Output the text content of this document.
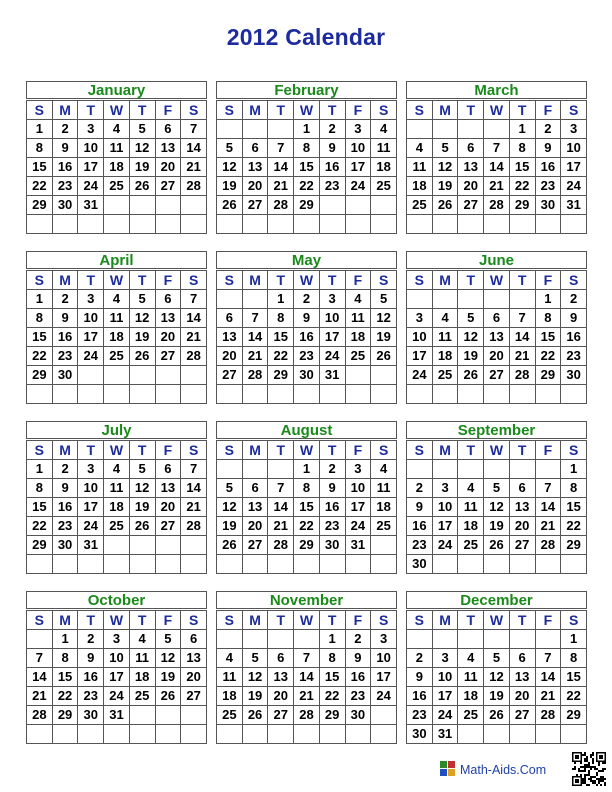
2012 Calendar
January
S	M	T	W	T	F	S
1	2	3	4	5	6	7
8	9	10	11	12	13	14
15	16	17	18	19	20	21
22	23	24	25	26	27	28
29	30	31				

February
S	M	T	W	T	F	S
			1	2	3	4
5	6	7	8	9	10	11
12	13	14	15	16	17	18
19	20	21	22	23	24	25
26	27	28	29			

March
S	M	T	W	T	F	S
				1	2	3
4	5	6	7	8	9	10
11	12	13	14	15	16	17
18	19	20	21	22	23	24
25	26	27	28	29	30	31

April
S	M	T	W	T	F	S
1	2	3	4	5	6	7
8	9	10	11	12	13	14
15	16	17	18	19	20	21
22	23	24	25	26	27	28
29	30					

May
S	M	T	W	T	F	S
		1	2	3	4	5
6	7	8	9	10	11	12
13	14	15	16	17	18	19
20	21	22	23	24	25	26
27	28	29	30	31		

June
S	M	T	W	T	F	S
					1	2
3	4	5	6	7	8	9
10	11	12	13	14	15	16
17	18	19	20	21	22	23
24	25	26	27	28	29	30

July
S	M	T	W	T	F	S
1	2	3	4	5	6	7
8	9	10	11	12	13	14
15	16	17	18	19	20	21
22	23	24	25	26	27	28
29	30	31				

August
S	M	T	W	T	F	S
			1	2	3	4
5	6	7	8	9	10	11
12	13	14	15	16	17	18
19	20	21	22	23	24	25
26	27	28	29	30	31	

September
S	M	T	W	T	F	S
						1
2	3	4	5	6	7	8
9	10	11	12	13	14	15
16	17	18	19	20	21	22
23	24	25	26	27	28	29
30						
October
S	M	T	W	T	F	S
	1	2	3	4	5	6
7	8	9	10	11	12	13
14	15	16	17	18	19	20
21	22	23	24	25	26	27
28	29	30	31			

November
S	M	T	W	T	F	S
				1	2	3
4	5	6	7	8	9	10
11	12	13	14	15	16	17
18	19	20	21	22	23	24
25	26	27	28	29	30	

December
S	M	T	W	T	F	S
						1
2	3	4	5	6	7	8
9	10	11	12	13	14	15
16	17	18	19	20	21	22
23	24	25	26	27	28	29
30	31					
Math-Aids.Com
